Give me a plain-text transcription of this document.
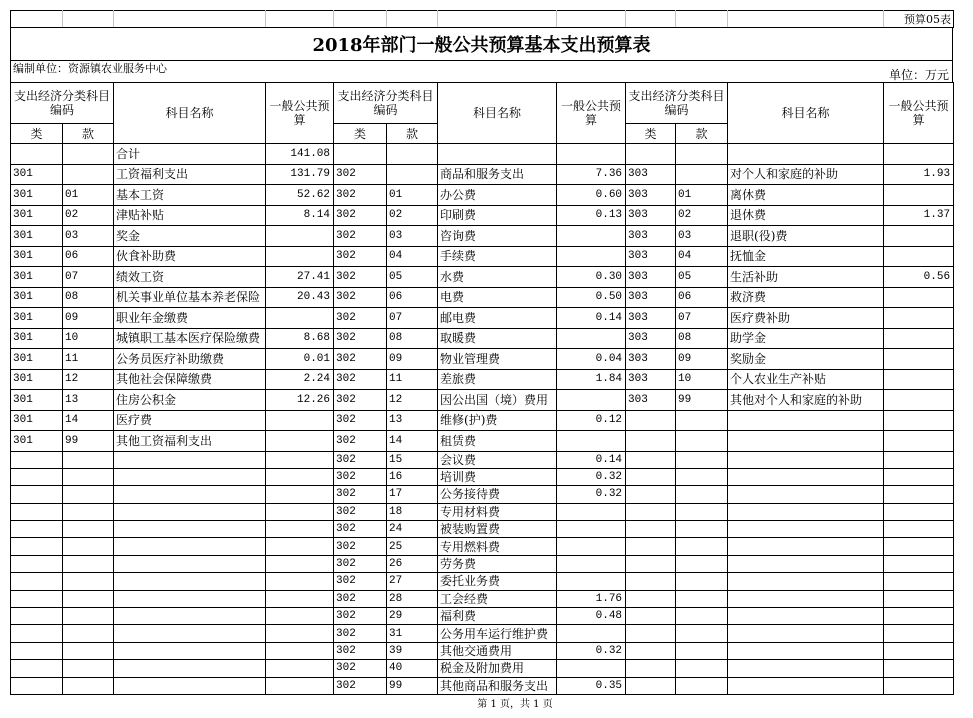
											预算05表
2018年部门一般公共预算基本支出预算表
编制单位：资源镇农业服务中心	单位：万元
支出经济分类科目编码		科目名称	一般公共预算	支出经济分类科目编码		科目名称	一般公共预算	支出经济分类科目编码		科目名称	一般公共预算
类	款			类	款			类	款		
		合计	141.08								
301		工资福利支出	131.79	302		商品和服务支出	7.36	303		对个人和家庭的补助	1.93
301	01	基本工资	52.62	302	01	办公费	0.60	303	01	离休费	
301	02	津贴补贴	8.14	302	02	印刷费	0.13	303	02	退休费	1.37
301	03	奖金		302	03	咨询费		303	03	退职(役)费	
301	06	伙食补助费		302	04	手续费		303	04	抚恤金	
301	07	绩效工资	27.41	302	05	水费	0.30	303	05	生活补助	0.56
301	08	机关事业单位基本养老保险	20.43	302	06	电费	0.50	303	06	救济费	
301	09	职业年金缴费		302	07	邮电费	0.14	303	07	医疗费补助	
301	10	城镇职工基本医疗保险缴费	8.68	302	08	取暖费		303	08	助学金	
301	11	公务员医疗补助缴费	0.01	302	09	物业管理费	0.04	303	09	奖励金	
301	12	其他社会保障缴费	2.24	302	11	差旅费	1.84	303	10	个人农业生产补贴	
301	13	住房公积金	12.26	302	12	因公出国（境）费用		303	99	其他对个人和家庭的补助	
301	14	医疗费		302	13	维修(护)费	0.12				
301	99	其他工资福利支出		302	14	租赁费					
				302	15	会议费	0.14				
				302	16	培训费	0.32				
				302	17	公务接待费	0.32				
				302	18	专用材料费					
				302	24	被装购置费					
				302	25	专用燃料费					
				302	26	劳务费					
				302	27	委托业务费					
				302	28	工会经费	1.76				
				302	29	福利费	0.48				
				302	31	公务用车运行维护费					
				302	39	其他交通费用	0.32				
				302	40	税金及附加费用					
				302	99	其他商品和服务支出	0.35				
第 1 页，共 1 页
